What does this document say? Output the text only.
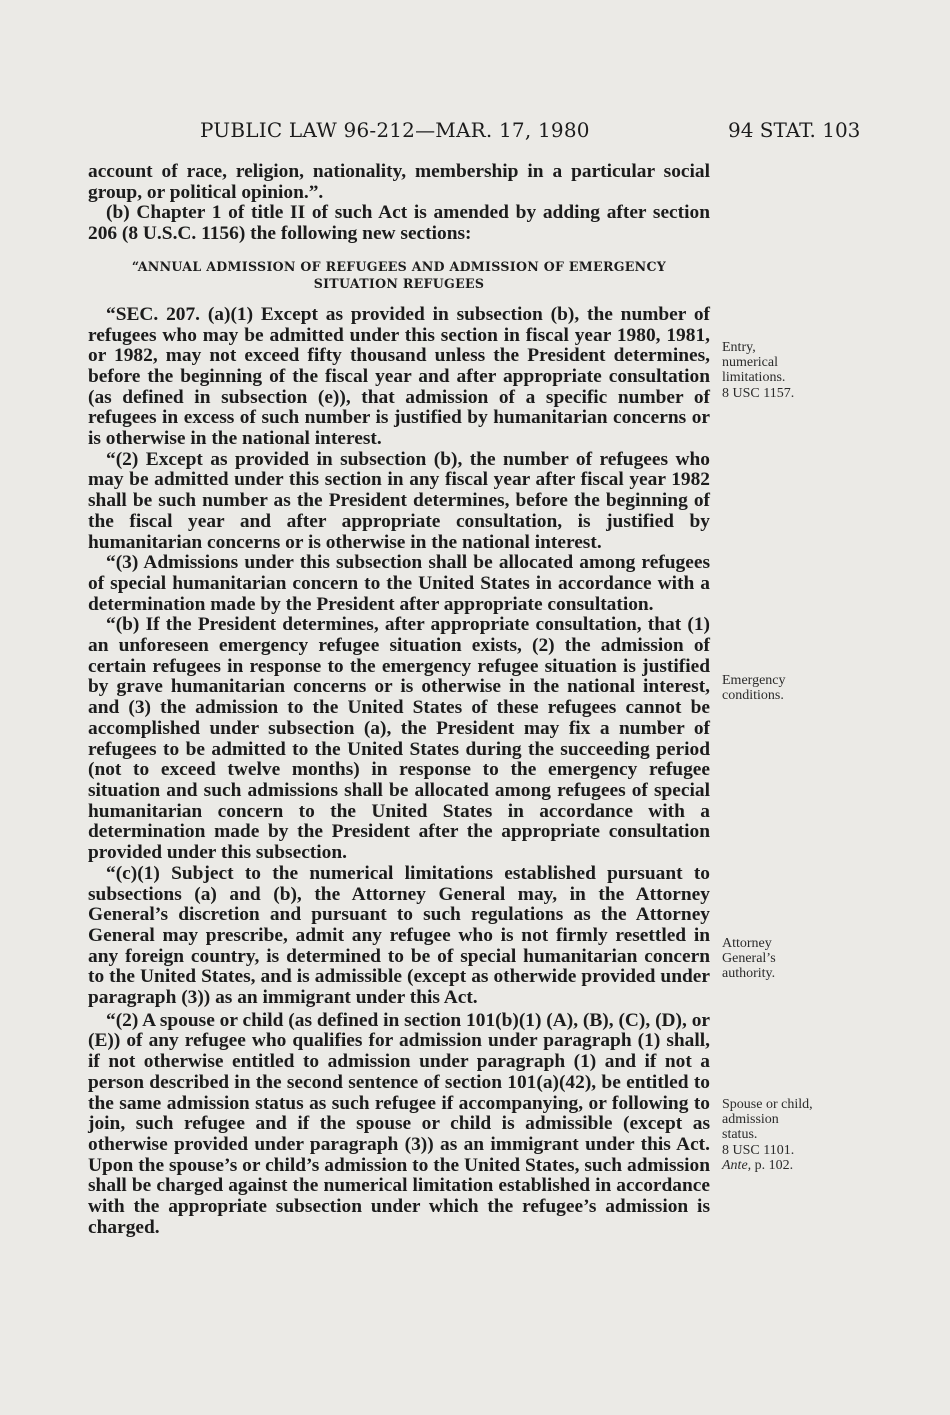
PUBLIC LAW 96-212—MAR. 17, 1980	94 STAT. 103

account of race, religion, nationality, membership in a particular social group, or political opinion.”.

(b) Chapter 1 of title II of such Act is amended by adding after section 206 (8 U.S.C. 1156) the following new sections:

“ANNUAL ADMISSION OF REFUGEES AND ADMISSION OF EMERGENCY
SITUATION REFUGEES

“SEC. 207. (a)(1) Except as provided in subsection (b), the number of refugees who may be admitted under this section in fiscal year 1980, 1981, or 1982, may not exceed fifty thousand unless the President determines, before the beginning of the fiscal year and after appropriate consultation (as defined in subsection (e)), that admission of a specific number of refugees in excess of such number is justified by humanitarian concerns or is otherwise in the national interest.

“(2) Except as provided in subsection (b), the number of refugees who may be admitted under this section in any fiscal year after fiscal year 1982 shall be such number as the President determines, before the beginning of the fiscal year and after appropriate consultation, is justified by humanitarian concerns or is otherwise in the national interest.

“(3) Admissions under this subsection shall be allocated among refugees of special humanitarian concern to the United States in accordance with a determination made by the President after appropriate consultation.

“(b) If the President determines, after appropriate consultation, that (1) an unforeseen emergency refugee situation exists, (2) the admission of certain refugees in response to the emergency refugee situation is justified by grave humanitarian concerns or is otherwise in the national interest, and (3) the admission to the United States of these refugees cannot be accomplished under subsection (a), the President may fix a number of refugees to be admitted to the United States during the succeeding period (not to exceed twelve months) in response to the emergency refugee situation and such admissions shall be allocated among refugees of special humanitarian concern to the United States in accordance with a determination made by the President after the appropriate consultation provided under this subsection.

“(c)(1) Subject to the numerical limitations established pursuant to subsections (a) and (b), the Attorney General may, in the Attorney General’s discretion and pursuant to such regulations as the Attorney General may prescribe, admit any refugee who is not firmly resettled in any foreign country, is determined to be of special humanitarian concern to the United States, and is admissible (except as otherwide provided under paragraph (3)) as an immigrant under this Act.

“(2) A spouse or child (as defined in section 101(b)(1) (A), (B), (C), (D), or (E)) of any refugee who qualifies for admission under paragraph (1) shall, if not otherwise entitled to admission under paragraph (1) and if not a person described in the second sentence of section 101(a)(42), be entitled to the same admission status as such refugee if accompanying, or following to join, such refugee and if the spouse or child is admissible (except as otherwise provided under paragraph (3)) as an immigrant under this Act. Upon the spouse’s or child’s admission to the United States, such admission shall be charged against the numerical limitation established in accordance with the appropriate subsection under which the refugee’s admission is charged.

Entry,
numerical
limitations.
8 USC 1157.
Emergency
conditions.
Attorney
General’s
authority.
Spouse or child,
admission
status.
8 USC 1101.
Ante, p. 102.
